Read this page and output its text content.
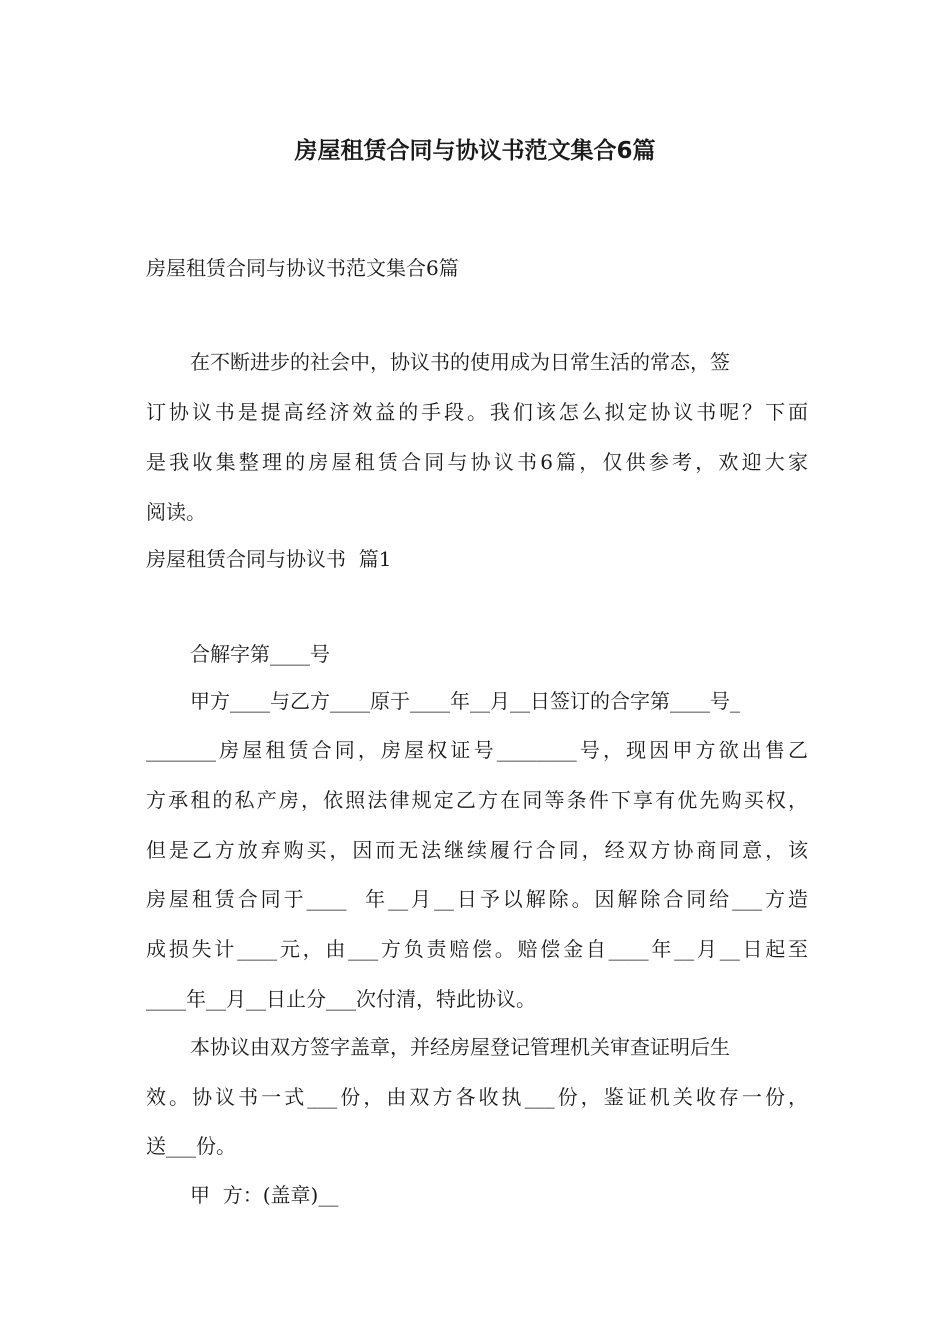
房屋租赁合同与协议书范文集合6篇
房屋租赁合同与协议书范文集合6篇
在不断进步的社会中，协议书的使用成为日常生活的常态，签
订协议书是提高经济效益的手段。我们该怎么拟定协议书呢？下面
是我收集整理的房屋租赁合同与协议书6篇，仅供参考，欢迎大家
阅读。
房屋租赁合同与协议书  篇1
合解字第____号
甲方____与乙方____原于____年__月__日签订的合字第____号_
_______房屋租赁合同，房屋权证号________号，现因甲方欲出售乙
方承租的私产房，依照法律规定乙方在同等条件下享有优先购买权，
但是乙方放弃购买，因而无法继续履行合同，经双方协商同意，该
房屋租赁合同于____  年__月__日予以解除。因解除合同给___方造
成损失计____元，由___方负责赔偿。赔偿金自____年__月__日起至
____年__月__日止分___次付清，特此协议。
本协议由双方签字盖章，并经房屋登记管理机关审查证明后生
效。协议书一式___份，由双方各收执___份，鉴证机关收存一份，
送___份。
甲  方：(盖章)__
